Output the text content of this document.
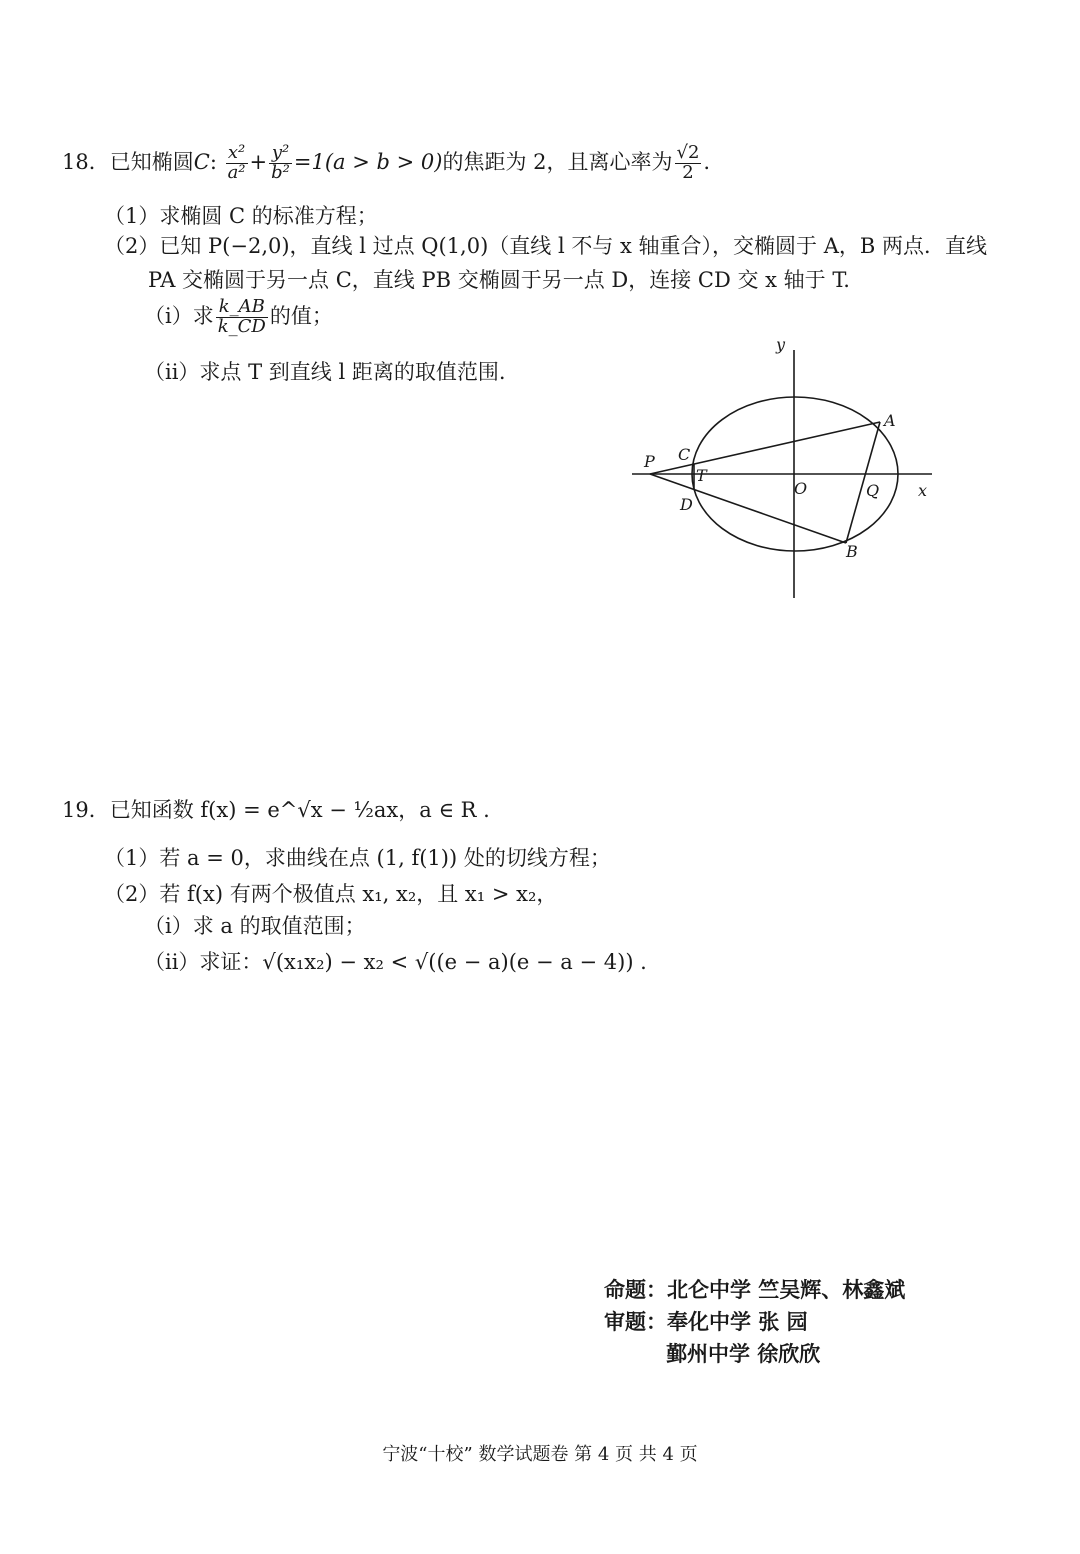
18．已知椭圆C: $\frac{\text{x²}}{\text{a²}} + \frac{\text{y²}}{\text{b²}} =1(a > b > 0)$的焦距为 2，且离心率为 $\frac{√2}{2}$ .
（1）求椭圆 C 的标准方程；
（2）已知 P(−2,0)，直线 l 过点 Q(1,0)（直线 l 不与 x 轴重合），交椭圆于 A，B 两点．直线
PA 交椭圆于另一点 C，直线 PB 交椭圆于另一点 D，连接 CD 交 x 轴于 T.
（i）求 $\frac{k\_AB}{k\_CD}$ 的值；
（ii）求点 T 到直线 l 距离的取值范围.
y
x
O
P
A
B
C
D
T
Q
19．已知函数 f(x) = e^√x − ½ax，a ∈ R .
（1）若 a = 0，求曲线在点 (1, f(1)) 处的切线方程；
（2）若 f(x) 有两个极值点 x₁, x₂，且 x₁ > x₂，
（i）求 a 的取值范围；
（ii）求证：√(x₁x₂) − x₂ < √((e − a)(e − a − 4)) .
命题：北仑中学 竺吴辉、林鑫斌
审题：奉化中学 张 园
鄞州中学 徐欣欣
宁波“十校” 数学试题卷 第 4 页 共 4 页
